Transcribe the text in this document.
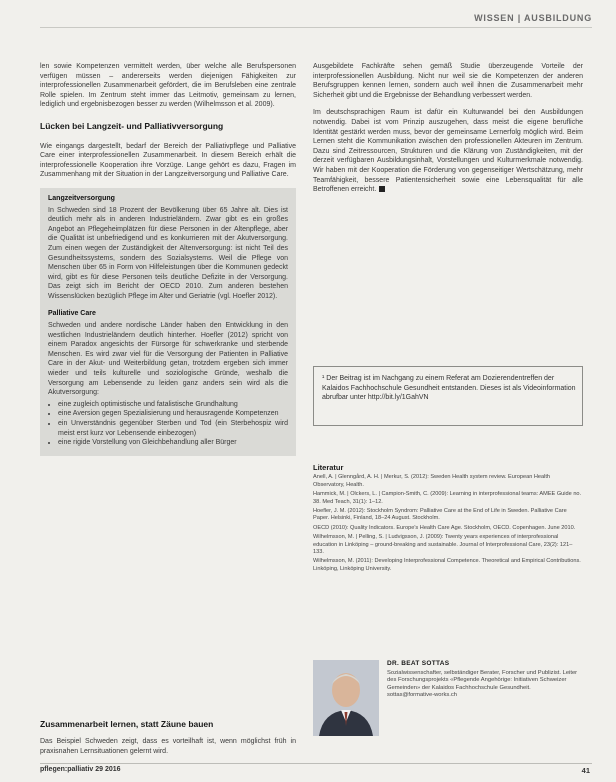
WISSEN | AUSBILDUNG

len sowie Kompetenzen vermittelt werden, über welche alle Berufspersonen verfügen müssen – andererseits werden diejenigen Fähigkeiten zur interprofessionellen Zusammenarbeit gefördert, die im Berufsleben eine zentrale Rolle spielen. Im Zentrum steht immer das Leitmotiv, gemeinsam zu lernen, lediglich und ergebnisbezogen besser zu werden (Wilhelmsson et al. 2009).

Lücken bei Langzeit- und Palliativversorgung

Wie eingangs dargestellt, bedarf der Bereich der Palliativpflege und Palliative Care einer interprofessionellen Zusammenarbeit. In diesem Bereich erhält die interprofessionelle Kooperation ihre Vorzüge. Lange gehört es dazu, Fragen im Zusammenhang mit der Situation in der Langzeitversorgung und Palliative Care.

Langzeitversorgung
In Schweden sind 18 Prozent der Bevölkerung über 65 Jahre alt. Dies ist deutlich mehr als in anderen Industrieländern. Zwar gibt es ein großes Angebot an Pflegeheimplätzen für diese Personen in der Altenpflege, aber die Qualität ist unbefriedigend und es konkurrieren mit der Akutversorgung. Zum einen wegen der Zuständigkeit der Altenversorgung: ist nicht Teil des Gesundheitssystems, sondern des Sozialsystems. Weil die Pflege von Menschen über 65 in Form von Hilfeleistungen über die Kommunen gedeckt wird, gibt es für diese Personen teils deutliche Defizite in der Versorgung. Das zeigt sich im Bericht der OECD 2010. Zum anderen bestehen Wissenslücken bezüglich Pflege im Alter und Geriatrie (vgl. Hoefler 2012).
Palliative Care
Schweden und andere nordische Länder haben den Entwicklung in den westlichen Industrieländern deutlich hinterher. Hoefler (2012) spricht von einem Paradox angesichts der Fürsorge für schwerkranke und sterbende Menschen. Es wird zwar viel für die Versorgung der Patienten in Palliative Care in der Akut- und Weiterbildung getan, trotzdem ergeben sich immer wieder und teils kulturelle und soziologische Gründe, weshalb die Versorgung am Lebensende zu leiden ganz anders sein wird als die Akutversorgung:
• eine zugleich optimistische und fatalistische Grundhaltung
• eine Aversion gegen Spezialisierung und herausragende Kompetenzen
• ein Unverständnis gegenüber Sterben und Tod (ein Sterbehospiz wird meist erst kurz vor Lebensende einbezogen)
• eine rigide Vorstellung von Gleichbehandlung aller Bürger

Ausgebildete Fachkräfte sehen gemäß Studie überzeugende Vorteile der interprofessionellen Ausbildung. Nicht nur weil sie die Kompetenzen der anderen Berufsgruppen kennen lernen, sondern auch weil ihnen die Zusammenarbeit mehr Sicherheit gibt und die Ergebnisse der Behandlung verbessert werden.

Im deutschsprachigen Raum ist dafür ein Kulturwandel bei den Ausbildungen notwendig. Dabei ist vom Prinzip auszugehen, dass meist die eigene berufliche Identität gestärkt werden muss, bevor der gemeinsame Lernerfolg möglich wird. Beim Lernen steht die Kommunikation zwischen den professionellen Akteuren im Zentrum. Dazu sind Zeitressourcen, Strukturen und die Klärung von Zuständigkeiten, mit der derzeit verfügbaren Ausbildungsinhalt, Vorstellungen und Kulturmerkmale notwendig. Wir haben mit der Kooperation die Förderung von gegenseitiger Wertschätzung, mehr Teamfähigkeit, bessere Patientensicherheit sowie eine Lebensqualität für alle Betroffenen erreicht.

¹ Der Beitrag ist im Nachgang zu einem Referat am Dozierendentreffen der Kalaidos Fachhochschule Gesundheit entstanden. Dieses ist als Videoinformation abrufbar unter http://bit.ly/1GahVN
Literatur
Anell, A. | Glenngård, A. H. | Merkur, S. (2012): Sweden Health system review. European Health Observatory, Health.
Hammick, M. | Olckers, L. | Campion-Smith, C. (2009): Learning in interprofessional teams: AMEE Guide no. 38. Med Teach, 31(1): 1–12.
Hoefler, J. M. (2012): Stockholm Syndrom: Palliative Care at the End of Life in Sweden. Palliative Care Paper. Helsinki, Finland, 18–24 August. Stockholm.
OECD (2010): Quality Indicators. Europe's Health Care Age. Stockholm, OECD. Copenhagen. June 2010.
Wilhelmsson, M. | Pelling, S. | Ludvigsson, J. (2009): Twenty years experiences of interprofessional education in Linköping – ground-breaking and sustainable. Journal of Interprofessional Care, 23(2): 121–133.
Wilhelmsson, M. (2011): Developing Interprofessional Competence. Theoretical and Empirical Contributions. Linköping, Linköping University.
DR. BEAT SOTTAS
Sozialwissenschafter, selbständiger Berater, Forscher und Publizist. Leiter des Forschungsprojekts «Pflegende Angehörige: Initiativen Schweizer Gemeinden» der Kalaidos Fachhochschule Gesundheit.
sottas@formative-works.ch
Zusammenarbeit lernen, statt Zäune bauen
Das Beispiel Schweden zeigt, dass es vorteilhaft ist, wenn möglichst früh in praxisnahen Lernsituationen gelernt wird.
pflegen:palliativ 29 2016	41
